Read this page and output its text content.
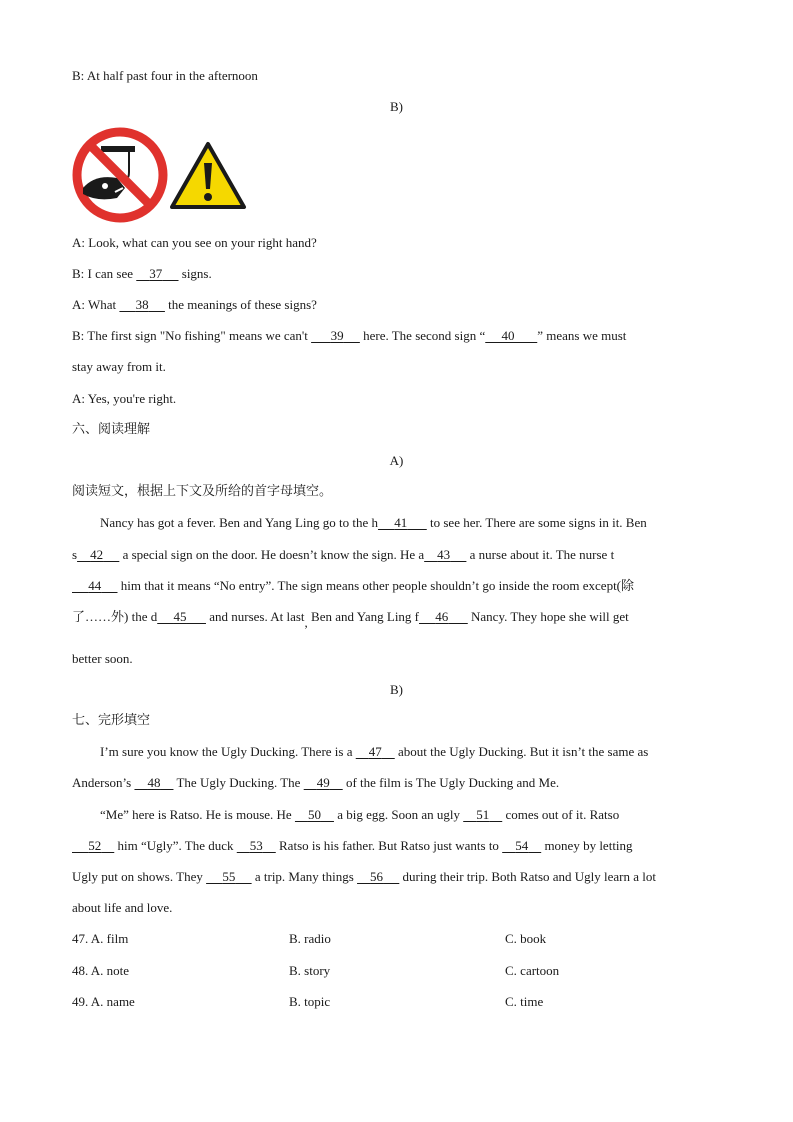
B: At half past four in the afternoon
B)
A: Look, what can you see on your right hand?
B: I can see     37      signs.
A: What      38      the meanings of these signs?
B: The first sign "No fishing" means we can't       39      here. The second sign “ 40 ” means we must
stay away from it.
A: Yes, you're right.
六、阅读理解
A)
阅读短文，根据上下文及所给的首字母填空。
Nancy has got a fever. Ben and Yang Ling go to the h 41       to see her. There are some signs in it. Ben
s 42      a special sign on the door. He doesn’t know the sign. He a 43      a nurse about it. The nurse t
44      him that it means “No entry”. The sign means other people shouldn’t go inside the room except(除
了……外) the d 45       and nurses. At last, Ben and Yang Ling f 46       Nancy. They hope she will get
better soon.
B)
七、完形填空
I’m sure you know the Ugly Ducking. There is a     47     about the Ugly Ducking. But it isn’t the same as
Anderson’s     48     The Ugly Ducking. The     49     of the film is The Ugly Ducking and Me.
“Me” here is Ratso. He is mouse. He     50     a big egg. Soon an ugly     51     comes out of it. Ratso
52     him “Ugly”. The duck     53     Ratso is his father. But Ratso just wants to     54     money by letting
Ugly put on shows. They      55      a trip. Many things     56      during their trip. Both Ratso and Ugly learn a lot
about life and love.
47. A. film	B. radio	C. book
48. A. note	B. story	C. cartoon
49. A. name	B. topic	C. time
